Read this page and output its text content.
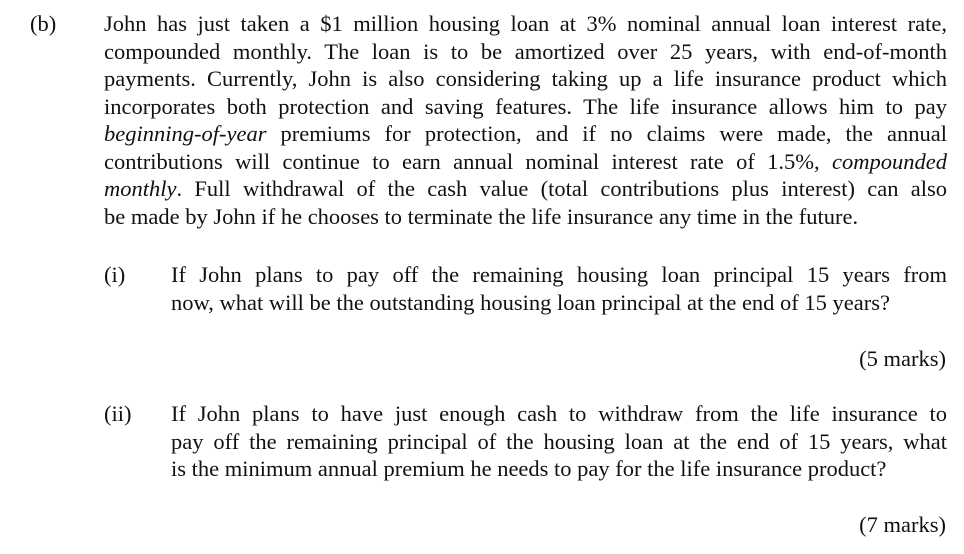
(b) John has just taken a $1 million housing loan at 3% nominal annual loan interest rate,
compounded monthly. The loan is to be amortized over 25 years, with end-of-month
payments. Currently, John is also considering taking up a life insurance product which
incorporates both protection and saving features. The life insurance allows him to pay
beginning-of-year premiums for protection, and if no claims were made, the annual
contributions will continue to earn annual nominal interest rate of 1.5%, compounded
monthly. Full withdrawal of the cash value (total contributions plus interest) can also
be made by John if he chooses to terminate the life insurance any time in the future.
(i) If John plans to pay off the remaining housing loan principal 15 years from
now, what will be the outstanding housing loan principal at the end of 15 years?
(5 marks)
(ii) If John plans to have just enough cash to withdraw from the life insurance to
pay off the remaining principal of the housing loan at the end of 15 years, what
is the minimum annual premium he needs to pay for the life insurance product?
(7 marks)
